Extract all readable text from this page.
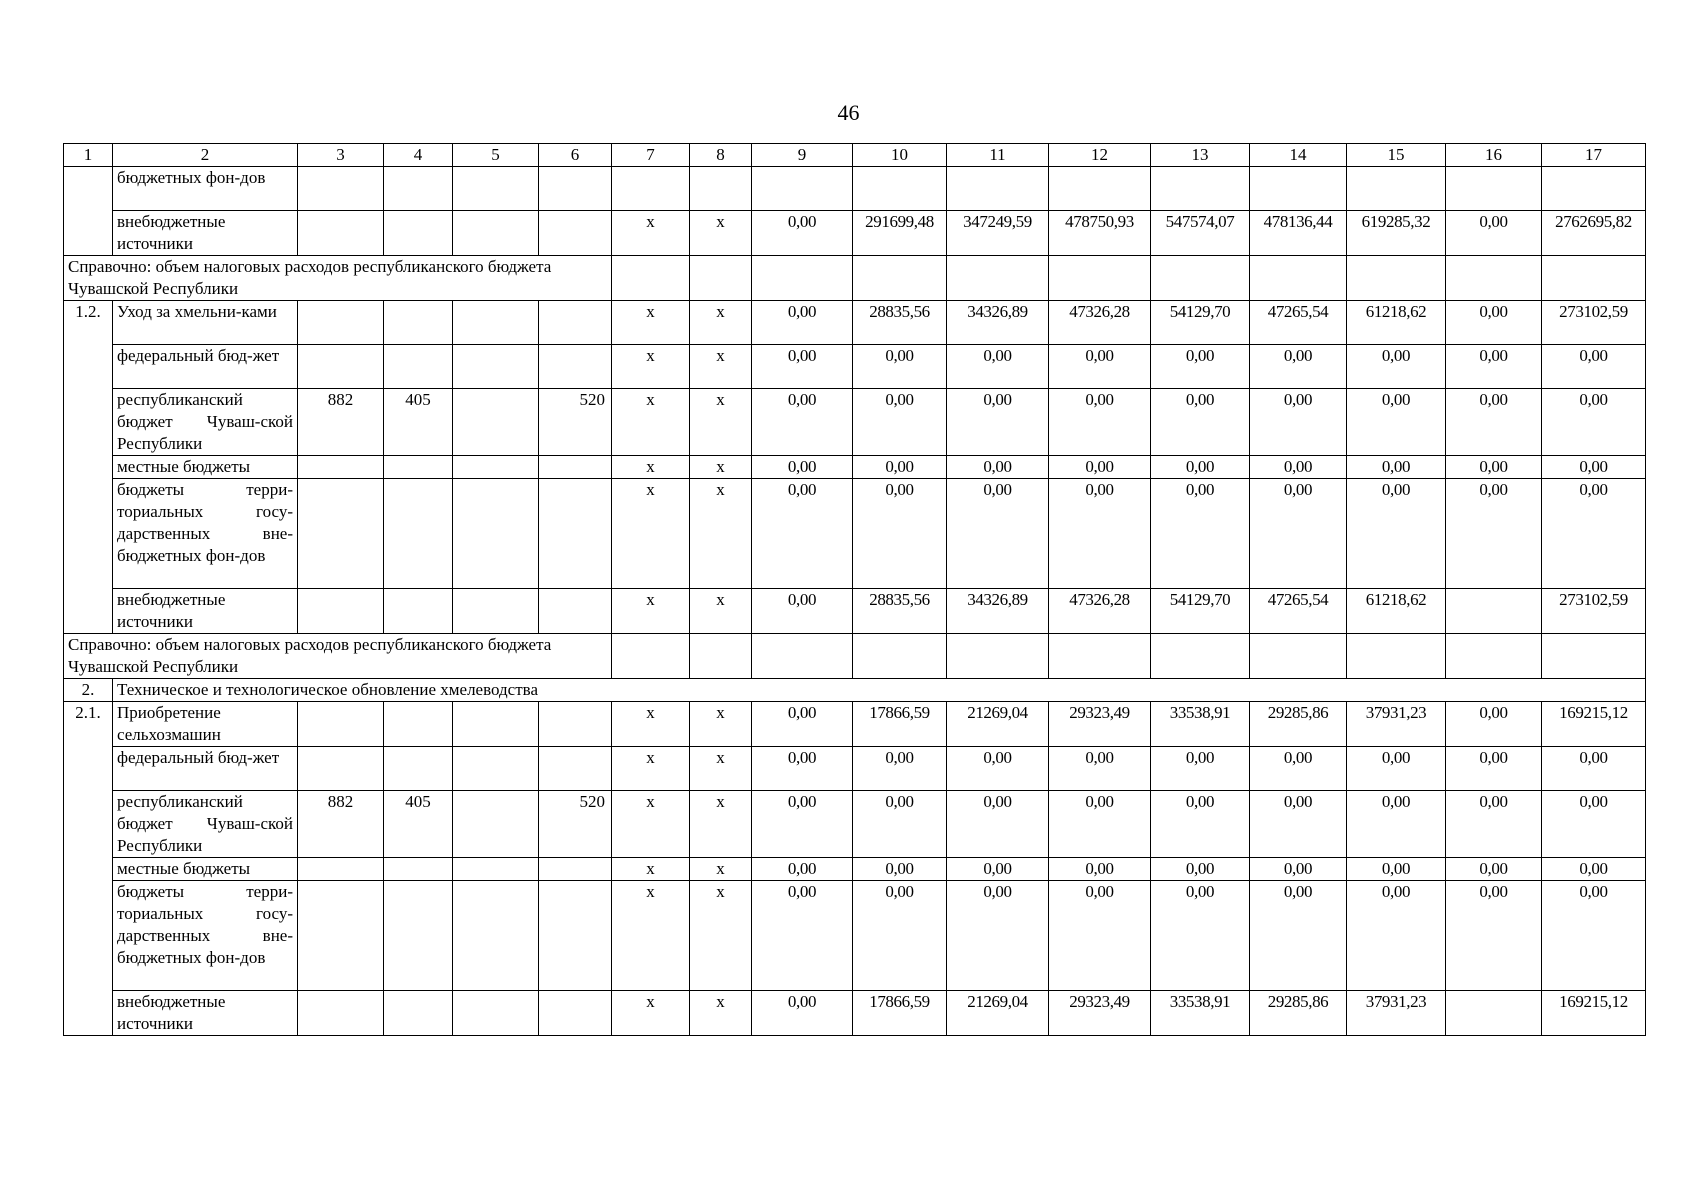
46
1	2	3	4	5	6	7	8	9	10	11	12	13	14	15	16	17
	бюджетных фон-дов															
	внебюджетные источники					x	x	0,00	291699,48	347249,59	478750,93	547574,07	478136,44	619285,32	0,00	2762695,82
Справочно: объем налоговых расходов республиканского бюджета Чувашской Республики																
1.2.	Уход за хмельни-ками					x	x	0,00	28835,56	34326,89	47326,28	54129,70	47265,54	61218,62	0,00	273102,59
	федеральный бюд-жет					x	x	0,00	0,00	0,00	0,00	0,00	0,00	0,00	0,00	0,00
	республиканский бюджет Чуваш-ской Республики	882	405		520	x	x	0,00	0,00	0,00	0,00	0,00	0,00	0,00	0,00	0,00
	местные бюджеты					x	x	0,00	0,00	0,00	0,00	0,00	0,00	0,00	0,00	0,00
	бюджеты терри-ториальных госу-дарственных вне-бюджетных фон-дов					x	x	0,00	0,00	0,00	0,00	0,00	0,00	0,00	0,00	0,00
	внебюджетные источники					x	x	0,00	28835,56	34326,89	47326,28	54129,70	47265,54	61218,62		273102,59
Справочно: объем налоговых расходов республиканского бюджета Чувашской Республики																
2.	Техническое и технологическое обновление хмелеводства															
2.1.	Приобретение сельхозмашин					x	x	0,00	17866,59	21269,04	29323,49	33538,91	29285,86	37931,23	0,00	169215,12
	федеральный бюд-жет					x	x	0,00	0,00	0,00	0,00	0,00	0,00	0,00	0,00	0,00
	республиканский бюджет Чуваш-ской Республики	882	405		520	x	x	0,00	0,00	0,00	0,00	0,00	0,00	0,00	0,00	0,00
	местные бюджеты					x	x	0,00	0,00	0,00	0,00	0,00	0,00	0,00	0,00	0,00
	бюджеты терри-ториальных госу-дарственных вне-бюджетных фон-дов					x	x	0,00	0,00	0,00	0,00	0,00	0,00	0,00	0,00	0,00
	внебюджетные источники					x	x	0,00	17866,59	21269,04	29323,49	33538,91	29285,86	37931,23		169215,12
